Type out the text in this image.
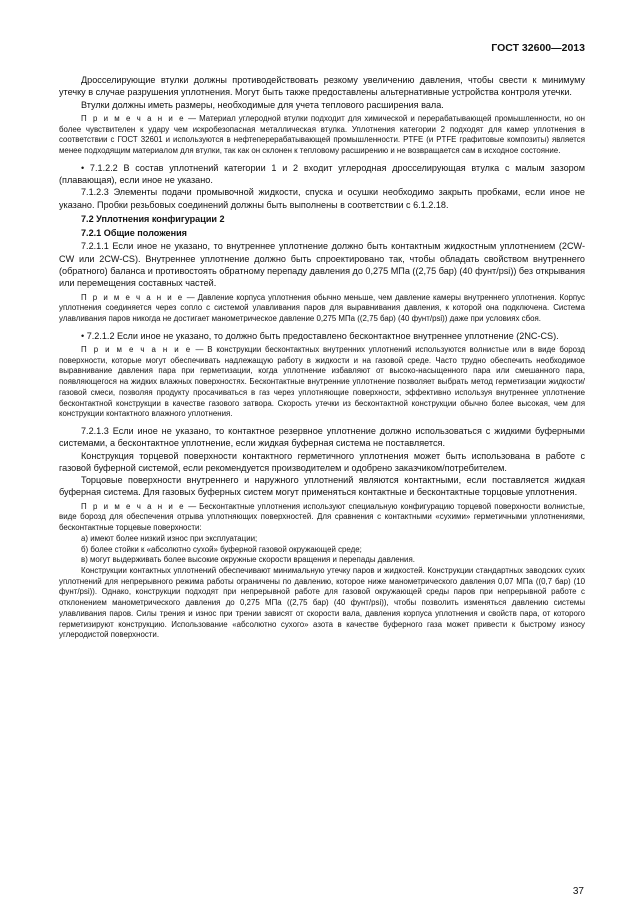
ГОСТ 32600—2013

Дросселирующие втулки должны противодействовать резкому увеличению давления, чтобы свести к минимуму утечку в случае разрушения уплотнения. Могут быть также предоставлены альтернативные устройства контроля утечки.

Втулки должны иметь размеры, необходимые для учета теплового расширения вала.

П р и м е ч а н и е — Материал углеродной втулки подходит для химической и перерабатывающей промышленности, но он более чувствителен к удару чем искробезопасная металлическая втулка. Уплотнения категории 2 подходят для камер уплотнения в соответствии с ГОСТ 32601 и используются в нефтеперерабатывающей промышленности. PTFE (и PTFE графитовые композиты) является менее подходящим материалом для втулки, так как он склонен к тепловому расширению и не возвращается сам в исходное состояние.

• 7.1.2.2 В состав уплотнений категории 1 и 2 входит углеродная дросселирующая втулка с малым зазором (плавающая), если иное не указано.

7.1.2.3 Элементы подачи промывочной жидкости, спуска и осушки необходимо закрыть пробками, если иное не указано. Пробки резьбовых соединений должны быть выполнены в соответствии с 6.1.2.18.

7.2 Уплотнения конфигурации 2

7.2.1 Общие положения

7.2.1.1 Если иное не указано, то внутреннее уплотнение должно быть контактным жидкостным уплотнением (2CW-CW или 2CW-CS). Внутреннее уплотнение должно быть спроектировано так, чтобы обладать свойством внутреннего (обратного) баланса и противостоять обратному перепаду давления до 0,275 МПа ((2,75 бар) (40 фунт/psi)) без открывания или перемещения составных частей.

П р и м е ч а н и е — Давление корпуса уплотнения обычно меньше, чем давление камеры внутреннего уплотнения. Корпус уплотнения соединяется через сопло с системой улавливания паров для выравнивания давления, к которой она подключена. Система улавливания паров никогда не достигает манометрическое давление 0,275 МПа ((2,75 бар) (40 фунт/psi)) даже при условиях сбоя.

• 7.2.1.2 Если иное не указано, то должно быть предоставлено бесконтактное внутреннее уплотнение (2NC-CS).

П р и м е ч а н и е — В конструкции бесконтактных внутренних уплотнений используются волнистые или в виде борозд поверхности, которые могут обеспечивать надлежащую работу в жидкости и на газовой среде. Часто трудно обеспечить необходимое выравнивание давления пара при герметизации, когда уплотнение избавляют от высоко-насыщенного пара или смешанного пара, появляющегося на жидких влажных поверхностях. Бесконтактные внутренние уплотнение позволяет выбрать метод герметизации жидкости/газовой смеси, позволяя продукту просачиваться в газ через уплотняющие поверхности, эффективно используя внутреннее уплотнение бесконтактной конструкции в качестве газового затвора. Скорость утечки из бесконтактной конструкции обычно более высокая, чем для конструкции контактного влажного уплотнения.

7.2.1.3 Если иное не указано, то контактное резервное уплотнение должно использоваться с жидкими буферными системами, а бесконтактное уплотнение, если жидкая буферная система не поставляется.

Конструкция торцевой поверхности контактного герметичного уплотнения может быть использована в работе с газовой буферной системой, если рекомендуется производителем и одобрено заказчиком/потребителем.

Торцовые поверхности внутреннего и наружного уплотнений являются контактными, если поставляется жидкая буферная система. Для газовых буферных систем могут применяться контактные и бесконтактные торцовые уплотнения.

П р и м е ч а н и е — Бесконтактные уплотнения используют специальную конфигурацию торцевой поверхности волнистые, виде борозд для обеспечения отрыва уплотняющих поверхностей. Для сравнения с контактными «сухими» герметичными уплотнениями, бесконтактные торцевые поверхности:

а) имеют более низкий износ при эксплуатации;

б) более стойки к «абсолютно сухой» буферной газовой окружающей среде;

в) могут выдерживать более высокие окружные скорости вращения и перепады давления.

Конструкции контактных уплотнений обеспечивают минимальную утечку паров и жидкостей. Конструкции стандартных заводских сухих уплотнений для непрерывного режима работы ограничены по давлению, которое ниже манометрического давления 0,07 МПа ((0,7 бар) (10 фунт/psi)). Однако, конструкции подходят при непрерывной работе для газовой окружающей среды паров при непрерывной работе с отклонением манометрического давления до 0,275 МПа ((2,75 бар) (40 фунт/psi)), чтобы позволить изменяться давлению системы улавливания паров. Силы трения и износ при трении зависят от скорости вала, давления корпуса уплотнения и свойств пара, от которого герметизируют конструкцию. Использование «абсолютно сухого» азота в качестве буферного газа может привести к быстрому износу углеродистой поверхности.

37
